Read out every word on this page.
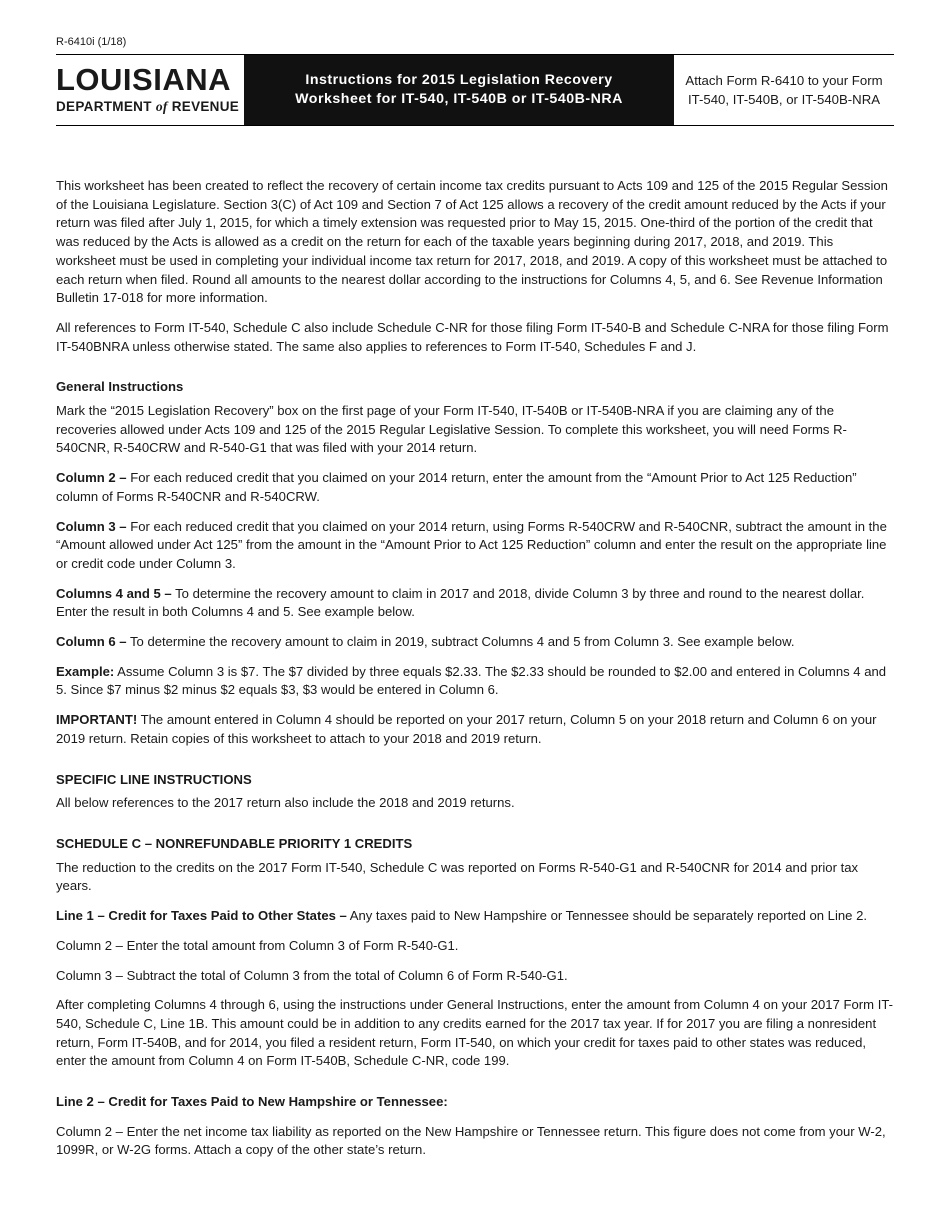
R-6410i (1/18)
LOUISIANA
DEPARTMENT of REVENUE
Instructions for 2015 Legislation Recovery
Worksheet for IT-540, IT-540B or IT-540B-NRA
Attach Form R-6410 to your Form
IT-540, IT-540B, or IT-540B-NRA

This worksheet has been created to reflect the recovery of certain income tax credits pursuant to Acts 109 and 125 of the 2015 Regular Session of the Louisiana Legislature. Section 3(C) of Act 109 and Section 7 of Act 125 allows a recovery of the credit amount reduced by the Acts if your return was filed after July 1, 2015, for which a timely extension was requested prior to May 15, 2015. One-third of the portion of the credit that was reduced by the Acts is allowed as a credit on the return for each of the taxable years beginning during 2017, 2018, and 2019. This worksheet must be used in completing your individual income tax return for 2017, 2018, and 2019. A copy of this worksheet must be attached to each return when filed. Round all amounts to the nearest dollar according to the instructions for Columns 4, 5, and 6. See Revenue Information Bulletin 17-018 for more information.

All references to Form IT-540, Schedule C also include Schedule C-NR for those filing Form IT-540-B and Schedule C-NRA for those filing Form IT-540BNRA unless otherwise stated. The same also applies to references to Form IT-540, Schedules F and J.

General Instructions

Mark the “2015 Legislation Recovery” box on the first page of your Form IT-540, IT-540B or IT-540B-NRA if you are claiming any of the recoveries allowed under Acts 109 and 125 of the 2015 Regular Legislative Session. To complete this worksheet, you will need Forms R-540CNR, R-540CRW and R-540-G1 that was filed with your 2014 return.

Column 2 – For each reduced credit that you claimed on your 2014 return, enter the amount from the “Amount Prior to Act 125 Reduction” column of Forms R-540CNR and R-540CRW.

Column 3 – For each reduced credit that you claimed on your 2014 return, using Forms R-540CRW and R-540CNR, subtract the amount in the “Amount allowed under Act 125” from the amount in the “Amount Prior to Act 125 Reduction” column and enter the result on the appropriate line or credit code under Column 3.

Columns 4 and 5 – To determine the recovery amount to claim in 2017 and 2018, divide Column 3 by three and round to the nearest dollar. Enter the result in both Columns 4 and 5. See example below.

Column 6 – To determine the recovery amount to claim in 2019, subtract Columns 4 and 5 from Column 3. See example below.

Example: Assume Column 3 is $7. The $7 divided by three equals $2.33. The $2.33 should be rounded to $2.00 and entered in Columns 4 and 5. Since $7 minus $2 minus $2 equals $3, $3 would be entered in Column 6.

IMPORTANT! The amount entered in Column 4 should be reported on your 2017 return, Column 5 on your 2018 return and Column 6 on your 2019 return. Retain copies of this worksheet to attach to your 2018 and 2019 return.

SPECIFIC LINE INSTRUCTIONS

All below references to the 2017 return also include the 2018 and 2019 returns.

SCHEDULE C – NONREFUNDABLE PRIORITY 1 CREDITS

The reduction to the credits on the 2017 Form IT-540, Schedule C was reported on Forms R-540-G1 and R-540CNR for 2014 and prior tax years.

Line 1 – Credit for Taxes Paid to Other States – Any taxes paid to New Hampshire or Tennessee should be separately reported on Line 2.

Column 2 – Enter the total amount from Column 3 of Form R-540-G1.

Column 3 – Subtract the total of Column 3 from the total of Column 6 of Form R-540-G1.

After completing Columns 4 through 6, using the instructions under General Instructions, enter the amount from Column 4 on your 2017 Form IT-540, Schedule C, Line 1B. This amount could be in addition to any credits earned for the 2017 tax year. If for 2017 you are filing a nonresident return, Form IT-540B, and for 2014, you filed a resident return, Form IT-540, on which your credit for taxes paid to other states was reduced, enter the amount from Column 4 on Form IT-540B, Schedule C-NR, code 199.

Line 2 – Credit for Taxes Paid to New Hampshire or Tennessee:

Column 2 – Enter the net income tax liability as reported on the New Hampshire or Tennessee return. This figure does not come from your W-2, 1099R, or W-2G forms. Attach a copy of the other state’s return.
